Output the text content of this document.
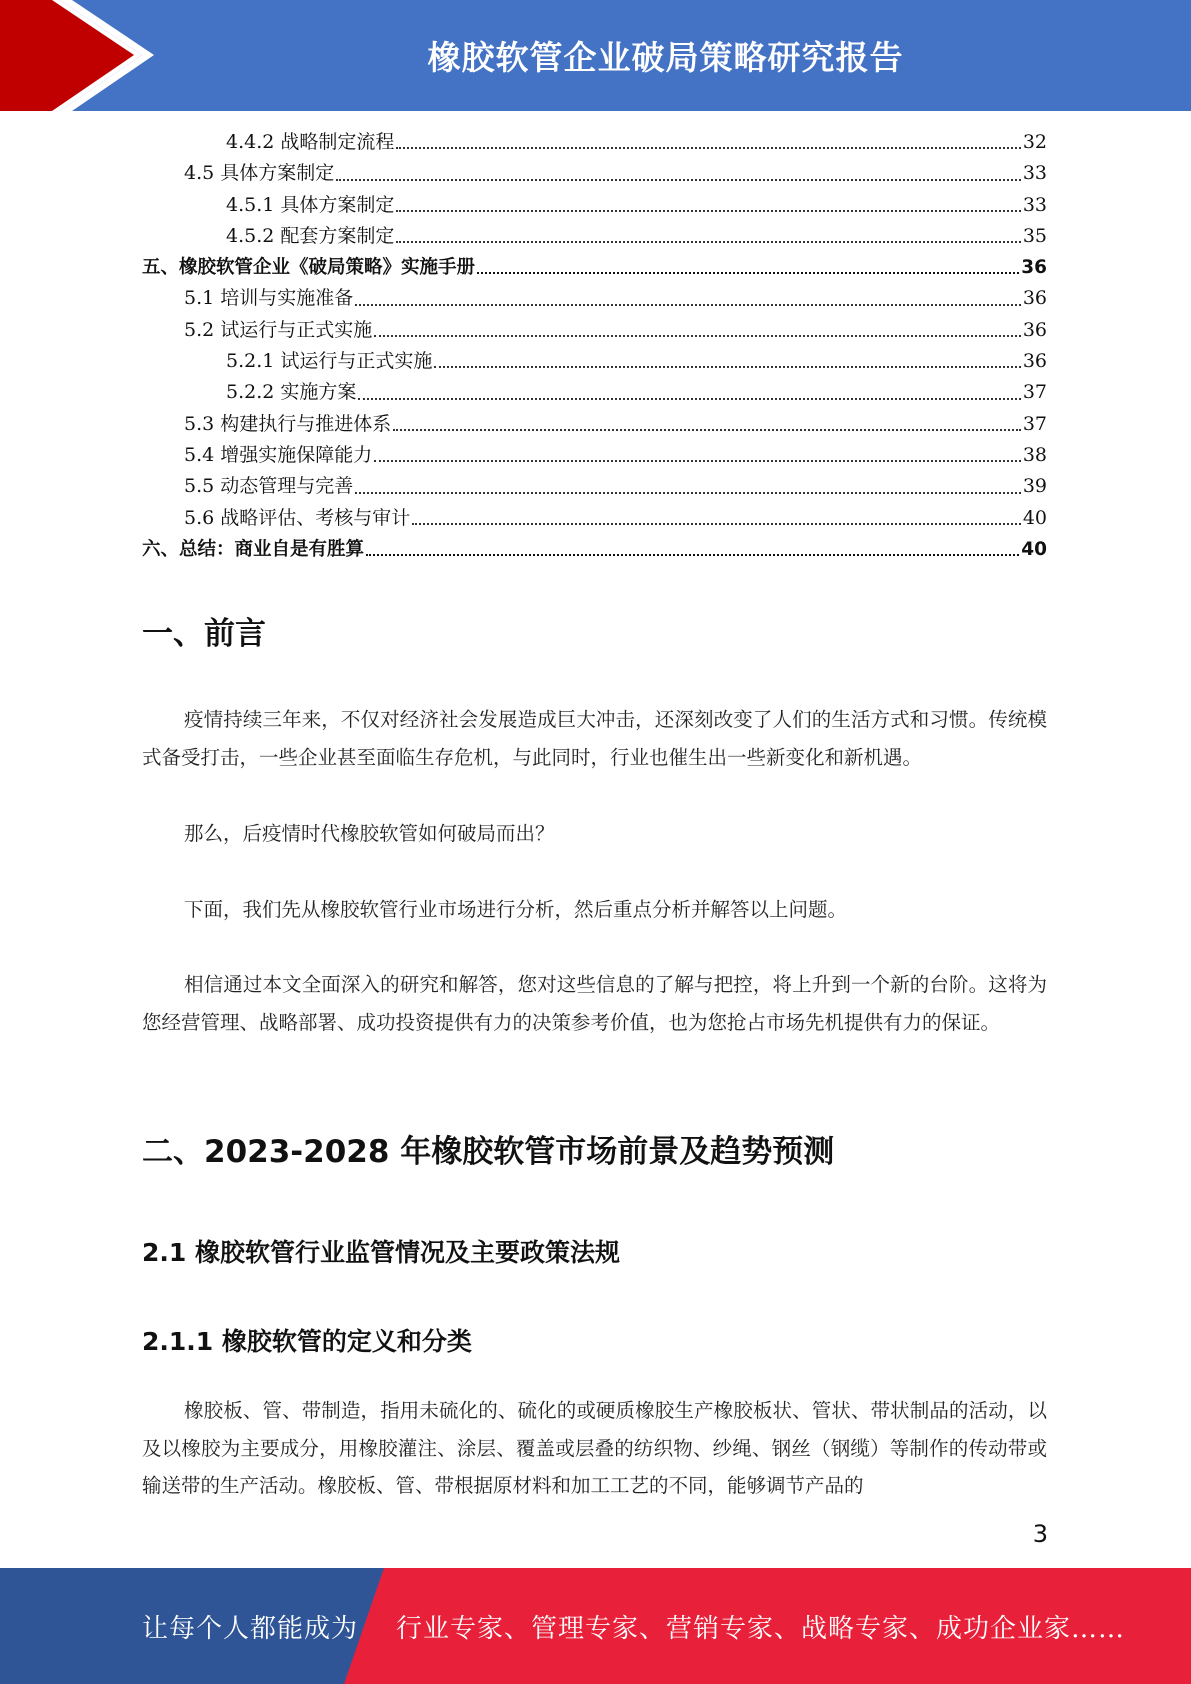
橡胶软管企业破局策略研究报告
4.4.2 战略制定流程	32
4.5 具体方案制定	33
4.5.1 具体方案制定	33
4.5.2 配套方案制定	35
五、橡胶软管企业《破局策略》实施手册	36
5.1 培训与实施准备	36
5.2 试运行与正式实施	36
5.2.1 试运行与正式实施	36
5.2.2 实施方案	37
5.3 构建执行与推进体系	37
5.4 增强实施保障能力	38
5.5 动态管理与完善	39
5.6 战略评估、考核与审计	40
六、总结：商业自是有胜算	40
一、前言
疫情持续三年来，不仅对经济社会发展造成巨大冲击，还深刻改变了人们的生活方式和习惯。传统模式备受打击，一些企业甚至面临生存危机，与此同时，行业也催生出一些新变化和新机遇。
那么，后疫情时代橡胶软管如何破局而出？
下面，我们先从橡胶软管行业市场进行分析，然后重点分析并解答以上问题。
相信通过本文全面深入的研究和解答，您对这些信息的了解与把控，将上升到一个新的台阶。这将为您经营管理、战略部署、成功投资提供有力的决策参考价值，也为您抢占市场先机提供有力的保证。
二、2023-2028 年橡胶软管市场前景及趋势预测
2.1 橡胶软管行业监管情况及主要政策法规
2.1.1 橡胶软管的定义和分类
橡胶板、管、带制造，指用未硫化的、硫化的或硬质橡胶生产橡胶板状、管状、带状制品的活动，以及以橡胶为主要成分，用橡胶灌注、涂层、覆盖或层叠的纺织物、纱绳、钢丝（钢缆）等制作的传动带或输送带的生产活动。橡胶板、管、带根据原材料和加工工艺的不同，能够调节产品的
3
让每个人都能成为 行业专家、管理专家、营销专家、战略专家、成功企业家……
